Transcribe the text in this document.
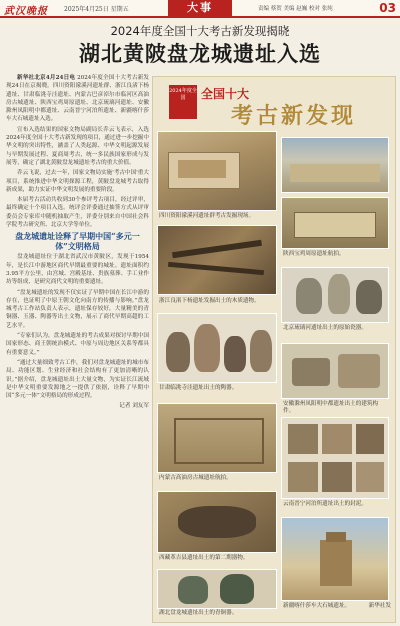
武汉晚报	2025年4月25日 星期五	大事	责编 蔡贺 美编 赵巍 校对 张纯	03
2024年度全国十大考古新发现揭晓
湖北黄陂盘龙城遗址入选

新华社北京4月24日电 2024年度全国十大考古新发现24日在京揭晓。四川资阳濛溪河遗址群、浙江良渚下杨遗址、甘肃临洮寺洼遗址、内蒙古巴彦淖尔市临河区高油房古城遗址、陕西宝鸡周原遗址、北京琉璃河遗址、安徽滁州凤阳明中都遗址、云南晋宁河泊所遗址、新疆喀什莎车大石城遗址入选。

宣布入选结果的国家文物局副局长乔云飞表示，入选2024年度全国十大考古新发现的项目，通过进一步挖掘中华文明的突出特性，涵盖了人类起源、中华文明起源发展与早期发展过程、夏商周考古，统一多民族国家形成与发展等，确定了湖北黄陂盘龙城遗址考古的重大价值。

乔云飞说，过去一年，国家文物局实施'考古中国'重大项目，系统推进中华文明探源工程，黄陂盘龙城考古取得新成果，助力实证中华文明发展的重要阶段。

本届考古活动共收到30个参评考古项目，经过评审，最终确定十个项目入选。统评会评委通过抽签方式从评审委员会专家库中随机抽取产生，评委分别来自中国社会科学院考古研究所、北京大学等单位。

盘龙城遗址诠释了早期中国“多元一体”文明格局

盘龙城遗址位于湖北省武汉市黄陂区，发现于1954年，是长江中游地区商代早期最重要的城址。遗址面积约3.95平方公里，由宫城、宫殿基址、贵族墓葬、手工业作坊等组成，是研究商代文明的重要遗址。

“盘龙城遗址的发现不仅实证了早期中国在长江中游的存在，也证明了中原王朝文化向南方的传播与影响。”盘龙城考古工作站负责人表示，遗址保存较好，大量精美的青铜器、玉器、陶器等出土文物，展示了商代早期高超的工艺水平。

“专家们认为，盘龙城遗址的考古成果对探讨早期中国国家形态、商王朝统治模式、中原与周边地区关系等都具有重要意义。”

“通过大量细致考古工作，我们对盘龙城遗址的城市布局、功能区划、生业经济和社会结构有了更加清晰的认识。”据介绍，盘龙城遗址出土大量文物，为实证长江流域是中华文明重要发源地之一提供了依据，诠释了早期中国“多元一体”文明格局的形成过程。

记者 刘友军

2024年度全国	全国十大
考古新发现
四川资阳濛溪河遗址群考古发掘现场。
陕西宝鸡周原遗址航拍。
浙江良渚下杨遗址发掘出土的木质遗物。
北京琉璃河遗址出土的原始瓷器。
甘肃临洮寺洼遗址出土的陶器。
安徽滁州凤阳明中都遗址出土的建筑构件。
内蒙古高油房古城遗址航拍。
云南晋宁河泊所遗址出土的封泥。
西藏革吉县遗址出土的第二期器物。
湖北盘龙城遗址出土的青铜器。
新疆喀什莎车大石城遗址。	新华社发
